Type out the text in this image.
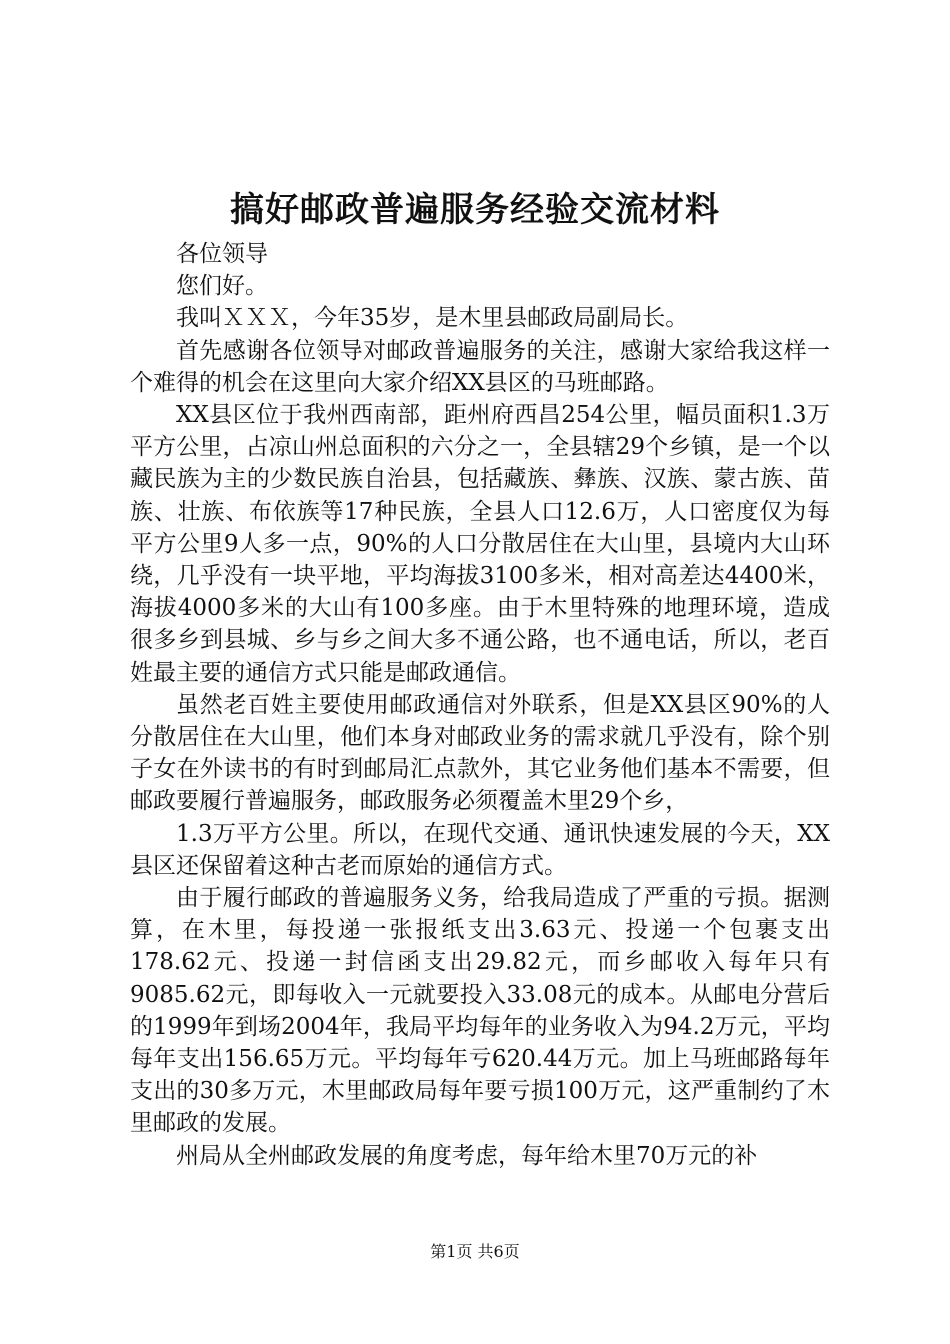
搞好邮政普遍服务经验交流材料

各位领导

您们好。

我叫ＸＸＸ，今年35岁，是木里县邮政局副局长。

首先感谢各位领导对邮政普遍服务的关注，感谢大家给我这样一个难得的机会在这里向大家介绍XX县区的马班邮路。

XX县区位于我州西南部，距州府西昌254公里，幅员面积1.3万平方公里，占凉山州总面积的六分之一，全县辖29个乡镇，是一个以藏民族为主的少数民族自治县，包括藏族、彝族、汉族、蒙古族、苗族、壮族、布依族等17种民族，全县人口12.6万，人口密度仅为每平方公里9人多一点，90%的人口分散居住在大山里，县境内大山环绕，几乎没有一块平地，平均海拔3100多米，相对高差达4400米，海拔4000多米的大山有100多座。由于木里特殊的地理环境，造成很多乡到县城、乡与乡之间大多不通公路，也不通电话，所以，老百姓最主要的通信方式只能是邮政通信。

虽然老百姓主要使用邮政通信对外联系，但是XX县区90%的人分散居住在大山里，他们本身对邮政业务的需求就几乎没有，除个别子女在外读书的有时到邮局汇点款外，其它业务他们基本不需要，但邮政要履行普遍服务，邮政服务必须覆盖木里29个乡，

1.3万平方公里。所以，在现代交通、通讯快速发展的今天，XX县区还保留着这种古老而原始的通信方式。

由于履行邮政的普遍服务义务，给我局造成了严重的亏损。据测算，在木里，每投递一张报纸支出3.63元、投递一个包裹支出178.62元、投递一封信函支出29.82元，而乡邮收入每年只有9085.62元，即每收入一元就要投入33.08元的成本。从邮电分营后的1999年到场2004年，我局平均每年的业务收入为94.2万元，平均每年支出156.65万元。平均每年亏620.44万元。加上马班邮路每年支出的30多万元，木里邮政局每年要亏损100万元，这严重制约了木里邮政的发展。

州局从全州邮政发展的角度考虑，每年给木里70万元的补

第1页 共6页
